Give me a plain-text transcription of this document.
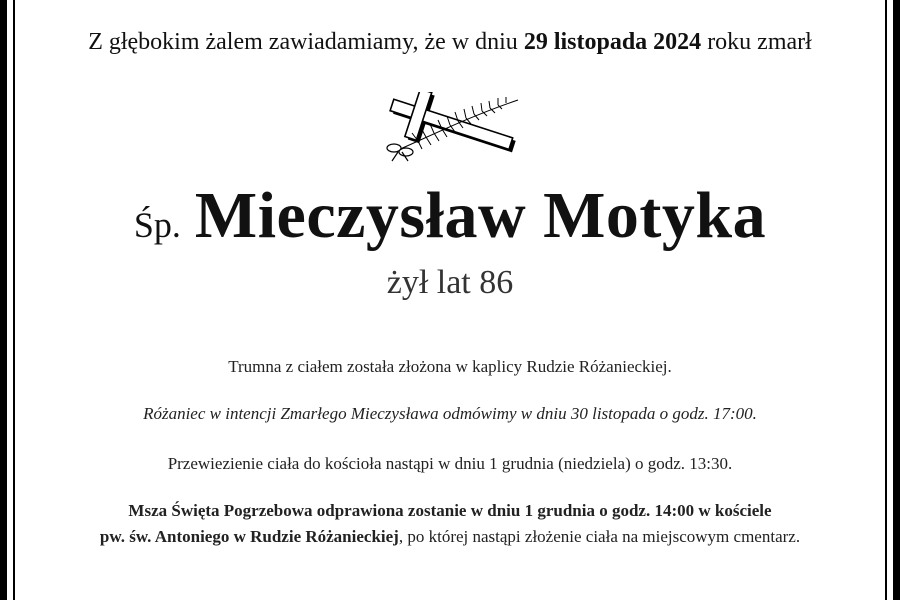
Z głębokim żalem zawiadamiamy, że w dniu 29 listopada 2024 roku zmarł
Śp. Mieczysław Motyka
żył lat 86
Trumna z ciałem została złożona w kaplicy Rudzie Różanieckiej.
Różaniec w intencji Zmarłego Mieczysława odmówimy w dniu 30 listopada o godz. 17:00.
Przewiezienie ciała do kościoła nastąpi w dniu 1 grudnia (niedziela) o godz. 13:30.
Msza Święta Pogrzebowa odprawiona zostanie w dniu 1 grudnia o godz. 14:00 w kościele
pw. św. Antoniego w Rudzie Różanieckiej, po której nastąpi złożenie ciała na miejscowym cmentarz.
